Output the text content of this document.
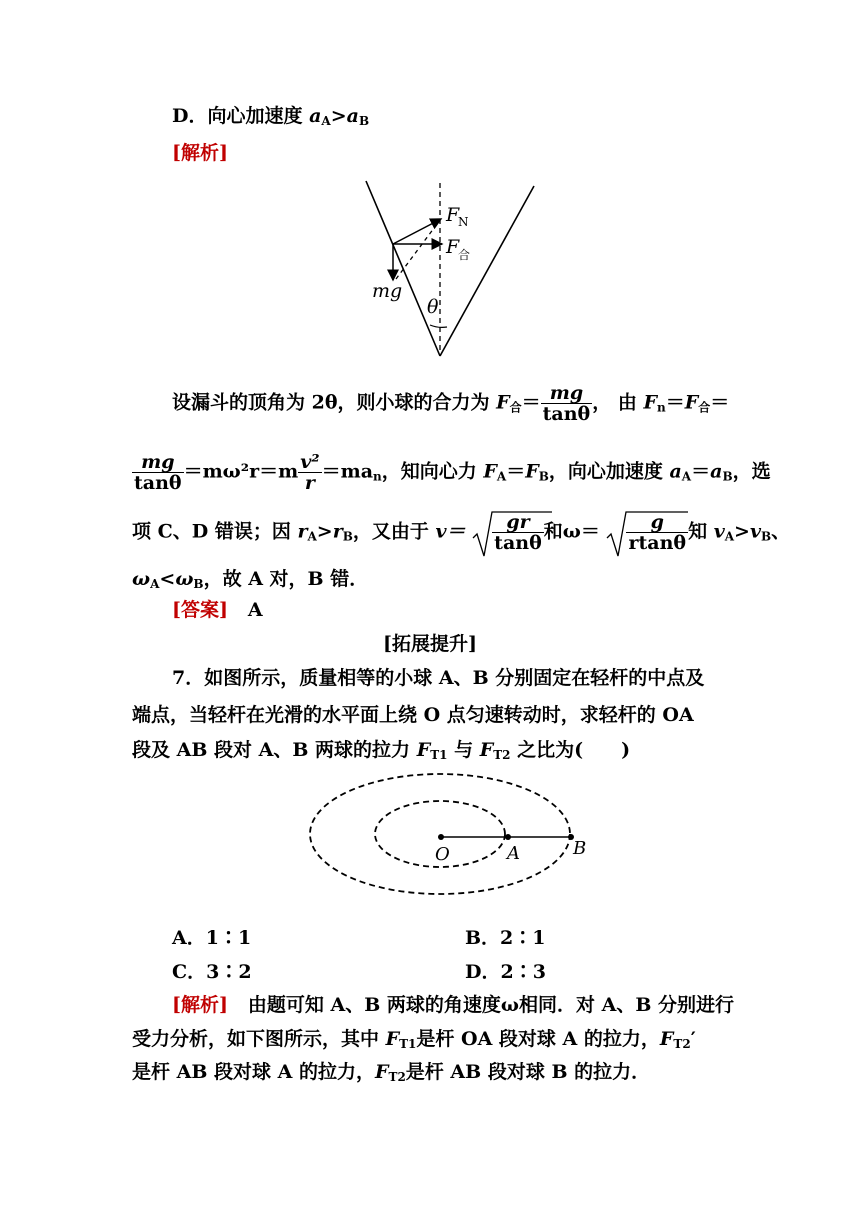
D．向心加速度 $a_A>a_B$
[解析]
F
N
F
合
mg
θ
设漏斗的顶角为 2θ，则小球的合力为 $F_合= \frac{mg}{\tan\theta}$ ， 由 $F_n=F_合=$
$\frac{mg}{\tan\theta} =m\omega^2r=m \frac{\text{v²}}{r} =ma_n$，知向心力 $F_A=F_B$，向心加速度 $a_A=a_B$，选
项 C、D 错误；因 $r_A>r_B$，又由于 $v= \frac{gr}{\tan\theta}$ 和$\omega= \frac{g}{rtan\theta}$ 知 $v_A>v_B$、
$\omega_A<\omega_B$，故 A 对，B 错．
[答案] A
[拓展提升]
7．如图所示，质量相等的小球 A、B 分别固定在轻杆的中点及
端点，当轻杆在光滑的水平面上绕 O 点匀速转动时，求轻杆的 OA
段及 AB 段对 A、B 两球的拉力 $F_{T1}$ 与 $F_{T2}$ 之比为(　　)
O	A	B
A．1∶1	B．2∶1
C．3∶2	D．2∶3
[解析] 由题可知 A、B 两球的角速度ω相同．对 A、B 分别进行
受力分析，如下图所示，其中 $F_{T1}$是杆 OA 段对球 A 的拉力，$F_{T2}'$
是杆 AB 段对球 A 的拉力，$F_{T2}$是杆 AB 段对球 B 的拉力．
